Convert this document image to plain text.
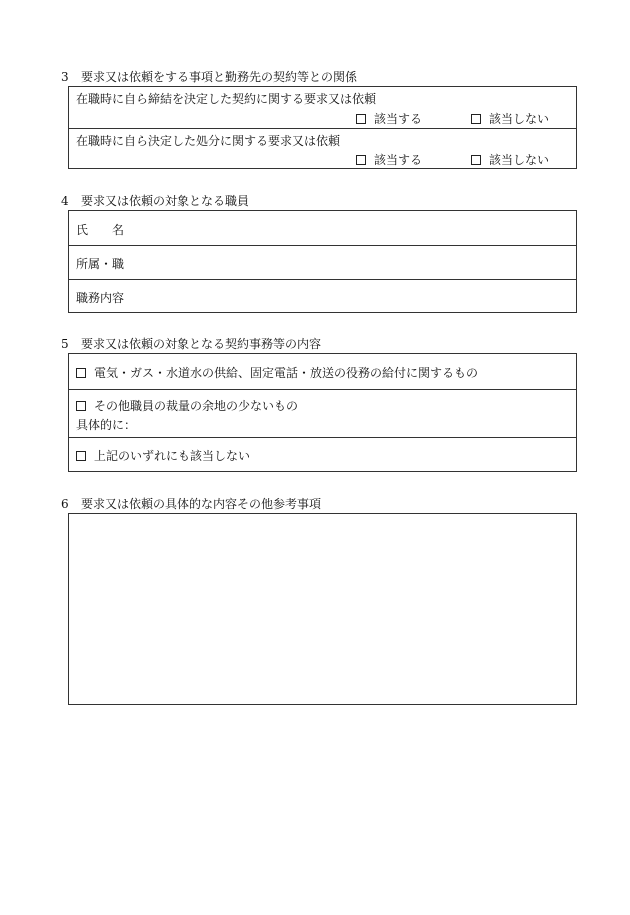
3 要求又は依頼をする事項と勤務先の契約等との関係
在職時に自ら締結を決定した契約に関する要求又は依頼
該当する	該当しない
在職時に自ら決定した処分に関する要求又は依頼
該当する	該当しない
4 要求又は依頼の対象となる職員
氏　　名
所属・職
職務内容
5 要求又は依頼の対象となる契約事務等の内容
電気・ガス・水道水の供給、固定電話・放送の役務の給付に関するもの
その他職員の裁量の余地の少ないもの
具体的に：
上記のいずれにも該当しない
6 要求又は依頼の具体的な内容その他参考事項
